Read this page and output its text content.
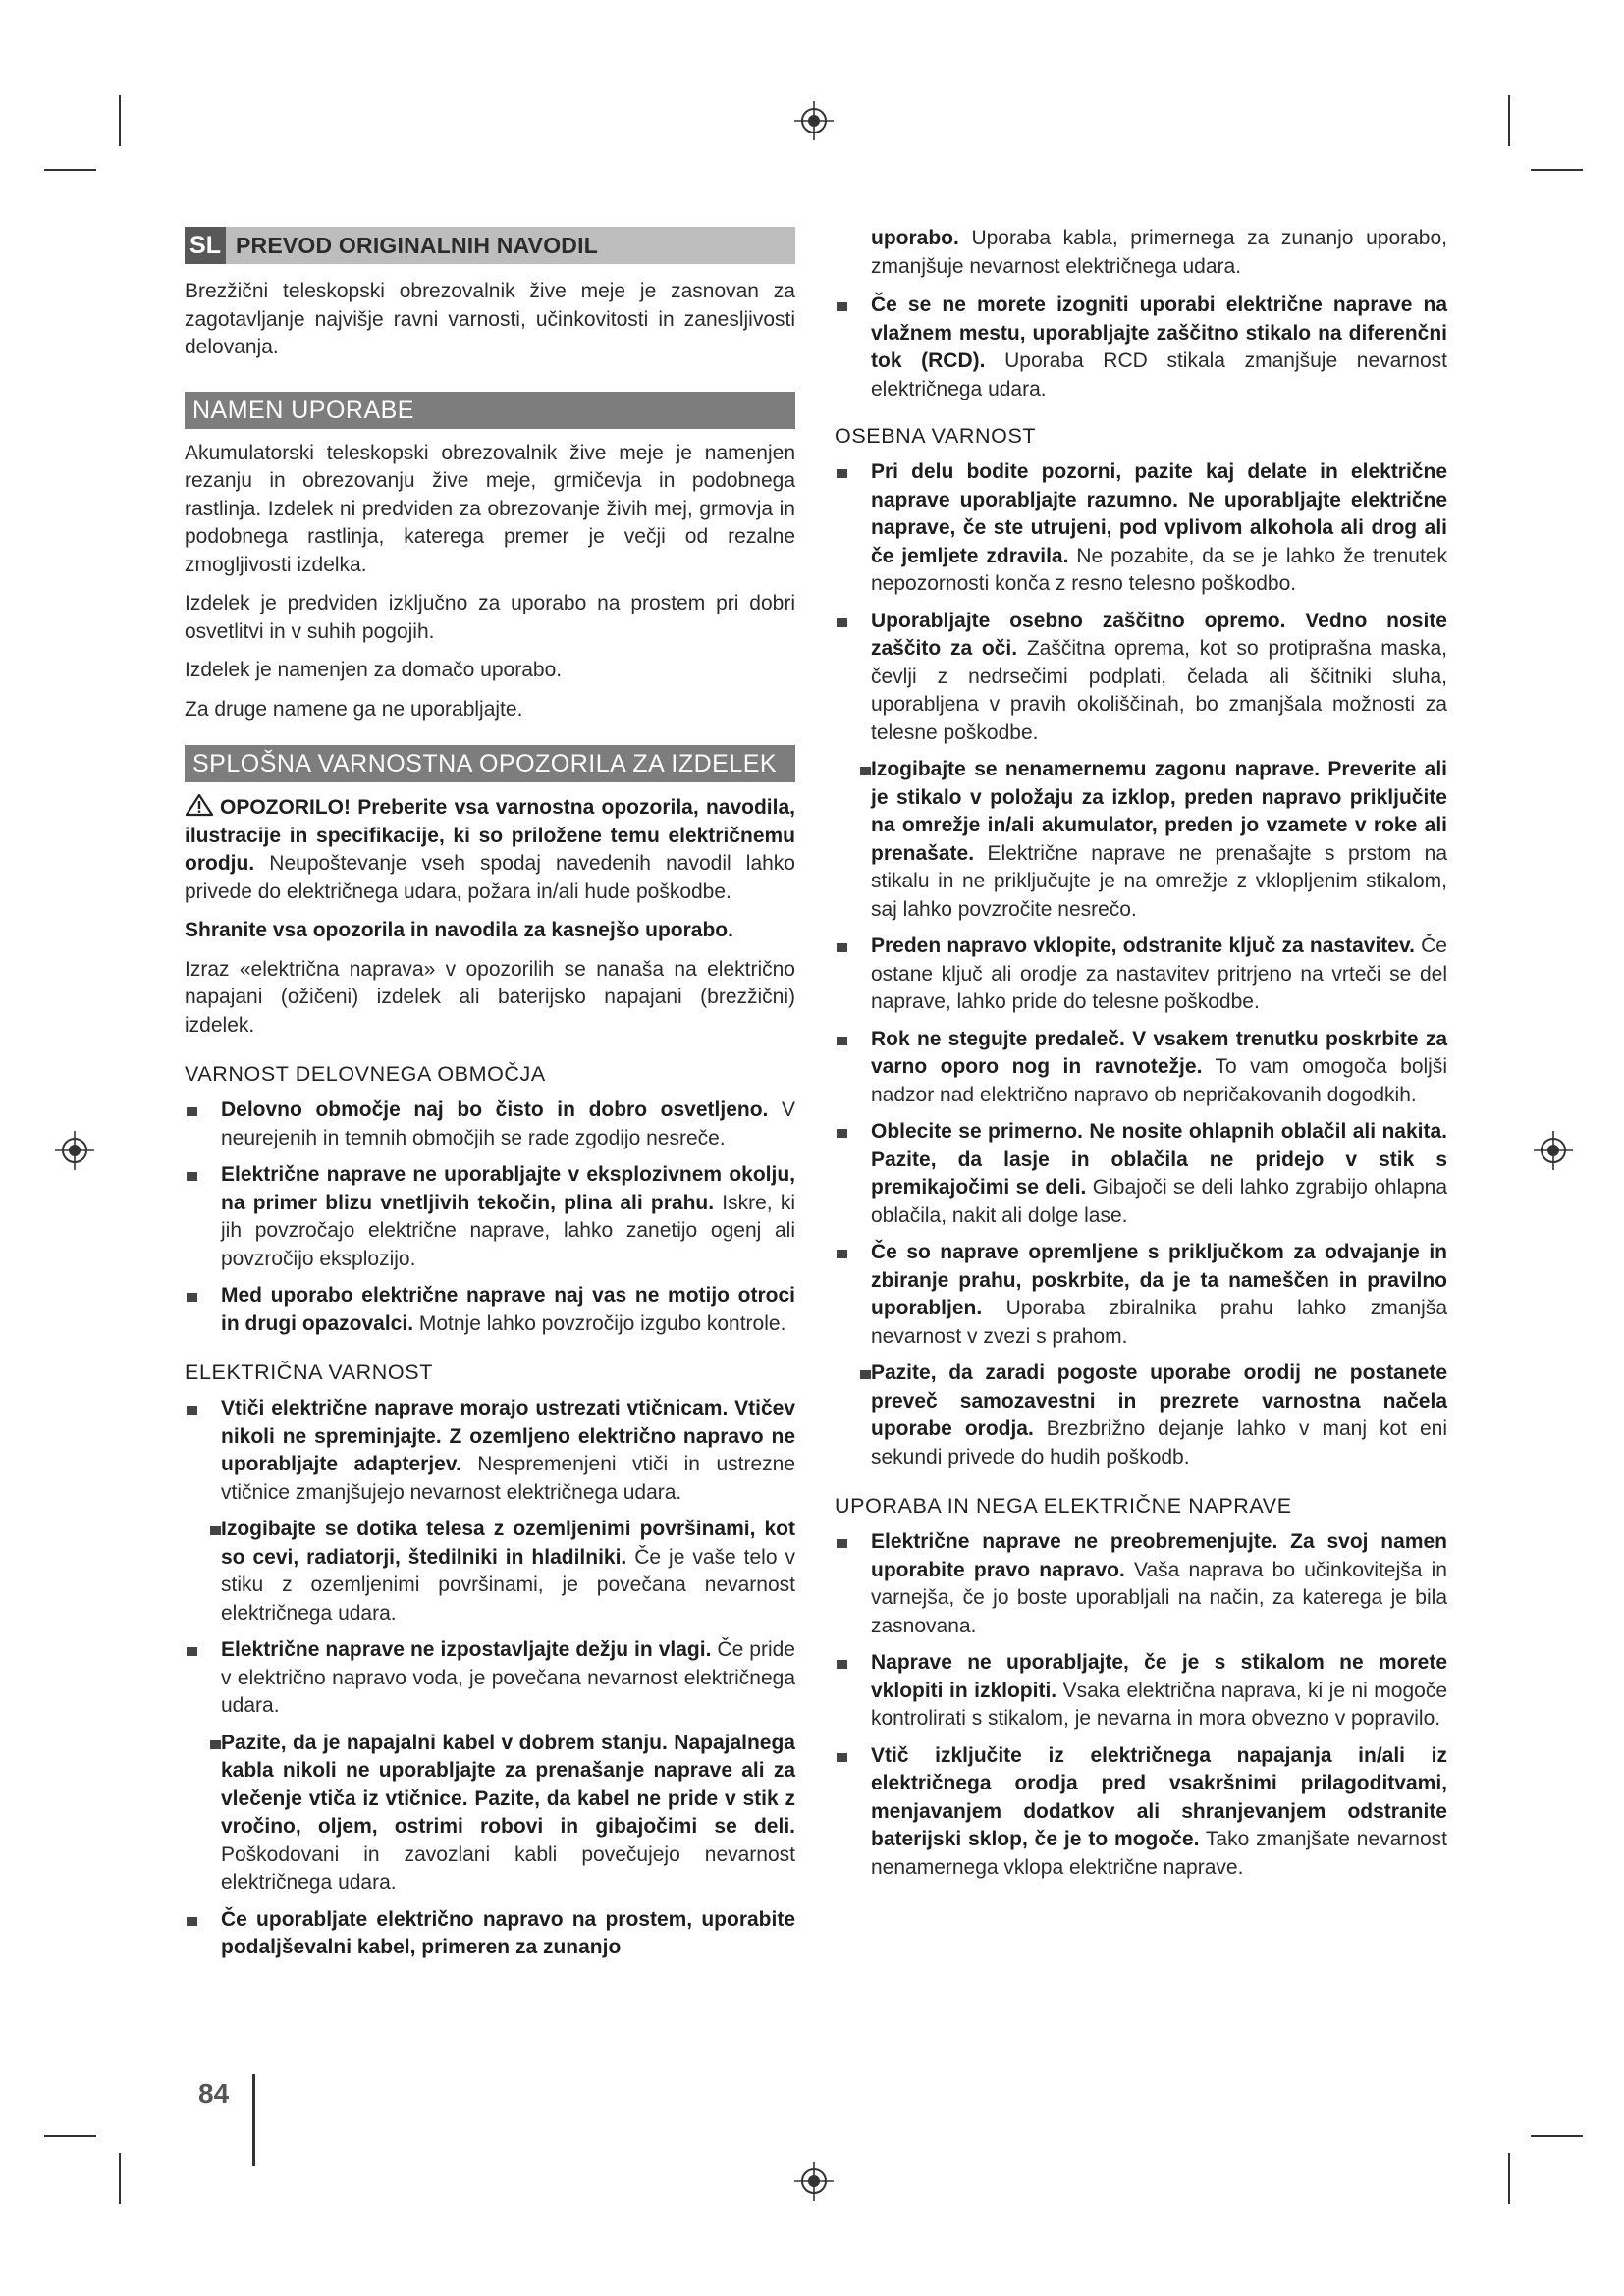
SL PREVOD ORIGINALNIH NAVODIL

Brezžični teleskopski obrezovalnik žive meje je zasnovan za zagotavljanje najvišje ravni varnosti, učinkovitosti in zanesljivosti delovanja.

NAMEN UPORABE

Akumulatorski teleskopski obrezovalnik žive meje je namenjen rezanju in obrezovanju žive meje, grmičevja in podobnega rastlinja. Izdelek ni predviden za obrezovanje živih mej, grmovja in podobnega rastlinja, katerega premer je večji od rezalne zmogljivosti izdelka.

Izdelek je predviden izključno za uporabo na prostem pri dobri osvetlitvi in v suhih pogojih.

Izdelek je namenjen za domačo uporabo.

Za druge namene ga ne uporabljajte.

SPLOŠNA VARNOSTNA OPOZORILA ZA IZDELEK

OPOZORILO! Preberite vsa varnostna opozorila, navodila, ilustracije in specifikacije, ki so priložene temu električnemu orodju. Neupoštevanje vseh spodaj navedenih navodil lahko privede do električnega udara, požara in/ali hude poškodbe.

Shranite vsa opozorila in navodila za kasnejšo uporabo.

Izraz «električna naprava» v opozorilih se nanaša na električno napajani (ožičeni) izdelek ali baterijsko napajani (brezžični) izdelek.

VARNOST DELOVNEGA OBMOČJA

Delovno območje naj bo čisto in dobro osvetljeno. V neurejenih in temnih območjih se rade zgodijo nesreče.

Električne naprave ne uporabljajte v eksplozivnem okolju, na primer blizu vnetljivih tekočin, plina ali prahu. Iskre, ki jih povzročajo električne naprave, lahko zanetijo ogenj ali povzročijo eksplozijo.

Med uporabo električne naprave naj vas ne motijo otroci in drugi opazovalci. Motnje lahko povzročijo izgubo kontrole.

ELEKTRIČNA VARNOST

Vtiči električne naprave morajo ustrezati vtičnicam. Vtičev nikoli ne spreminjajte. Z ozemljeno električno napravo ne uporabljajte adapterjev. Nespremenjeni vtiči in ustrezne vtičnice zmanjšujejo nevarnost električnega udara.

Izogibajte se dotika telesa z ozemljenimi površinami, kot so cevi, radiatorji, štedilniki in hladilniki. Če je vaše telo v stiku z ozemljenimi površinami, je povečana nevarnost električnega udara.

Električne naprave ne izpostavljajte dežju in vlagi. Če pride v električno napravo voda, je povečana nevarnost električnega udara.

Pazite, da je napajalni kabel v dobrem stanju. Napajalnega kabla nikoli ne uporabljajte za prenašanje naprave ali za vlečenje vtiča iz vtičnice. Pazite, da kabel ne pride v stik z vročino, oljem, ostrimi robovi in gibajočimi se deli. Poškodovani in zavozlani kabli povečujejo nevarnost električnega udara.

Če uporabljate električno napravo na prostem, uporabite podaljševalni kabel, primeren za zunanjo

uporabo. Uporaba kabla, primernega za zunanjo uporabo, zmanjšuje nevarnost električnega udara.

Če se ne morete izogniti uporabi električne naprave na vlažnem mestu, uporabljajte zaščitno stikalo na diferenčni tok (RCD). Uporaba RCD stikala zmanjšuje nevarnost električnega udara.

OSEBNA VARNOST

Pri delu bodite pozorni, pazite kaj delate in električne naprave uporabljajte razumno. Ne uporabljajte električne naprave, če ste utrujeni, pod vplivom alkohola ali drog ali če jemljete zdravila. Ne pozabite, da se je lahko že trenutek nepozornosti konča z resno telesno poškodbo.

Uporabljajte osebno zaščitno opremo. Vedno nosite zaščito za oči. Zaščitna oprema, kot so protiprašna maska, čevlji z nedrsečimi podplati, čelada ali ščitniki sluha, uporabljena v pravih okoliščinah, bo zmanjšala možnosti za telesne poškodbe.

Izogibajte se nenamernemu zagonu naprave. Preverite ali je stikalo v položaju za izklop, preden napravo priključite na omrežje in/ali akumulator, preden jo vzamete v roke ali prenašate. Električne naprave ne prenašajte s prstom na stikalu in ne priključujte je na omrežje z vklopljenim stikalom, saj lahko povzročite nesrečo.

Preden napravo vklopite, odstranite ključ za nastavitev. Če ostane ključ ali orodje za nastavitev pritrjeno na vrteči se del naprave, lahko pride do telesne poškodbe.

Rok ne stegujte predaleč. V vsakem trenutku poskrbite za varno oporo nog in ravnotežje. To vam omogoča boljši nadzor nad električno napravo ob nepričakovanih dogodkih.

Oblecite se primerno. Ne nosite ohlapnih oblačil ali nakita. Pazite, da lasje in oblačila ne pridejo v stik s premikajočimi se deli. Gibajoči se deli lahko zgrabijo ohlapna oblačila, nakit ali dolge lase.

Če so naprave opremljene s priključkom za odvajanje in zbiranje prahu, poskrbite, da je ta nameščen in pravilno uporabljen. Uporaba zbiralnika prahu lahko zmanjša nevarnost v zvezi s prahom.

Pazite, da zaradi pogoste uporabe orodij ne postanete preveč samozavestni in prezrete varnostna načela uporabe orodja. Brezbrižno dejanje lahko v manj kot eni sekundi privede do hudih poškodb.

UPORABA IN NEGA ELEKTRIČNE NAPRAVE

Električne naprave ne preobremenjujte. Za svoj namen uporabite pravo napravo. Vaša naprava bo učinkovitejša in varnejša, če jo boste uporabljali na način, za katerega je bila zasnovana.

Naprave ne uporabljajte, če je s stikalom ne morete vklopiti in izklopiti. Vsaka električna naprava, ki je ni mogoče kontrolirati s stikalom, je nevarna in mora obvezno v popravilo.

Vtič izključite iz električnega napajanja in/ali iz električnega orodja pred vsakršnimi prilagoditvami, menjavanjem dodatkov ali shranjevanjem odstranite baterijski sklop, če je to mogoče. Tako zmanjšate nevarnost nenamernega vklopa električne naprave.

84
